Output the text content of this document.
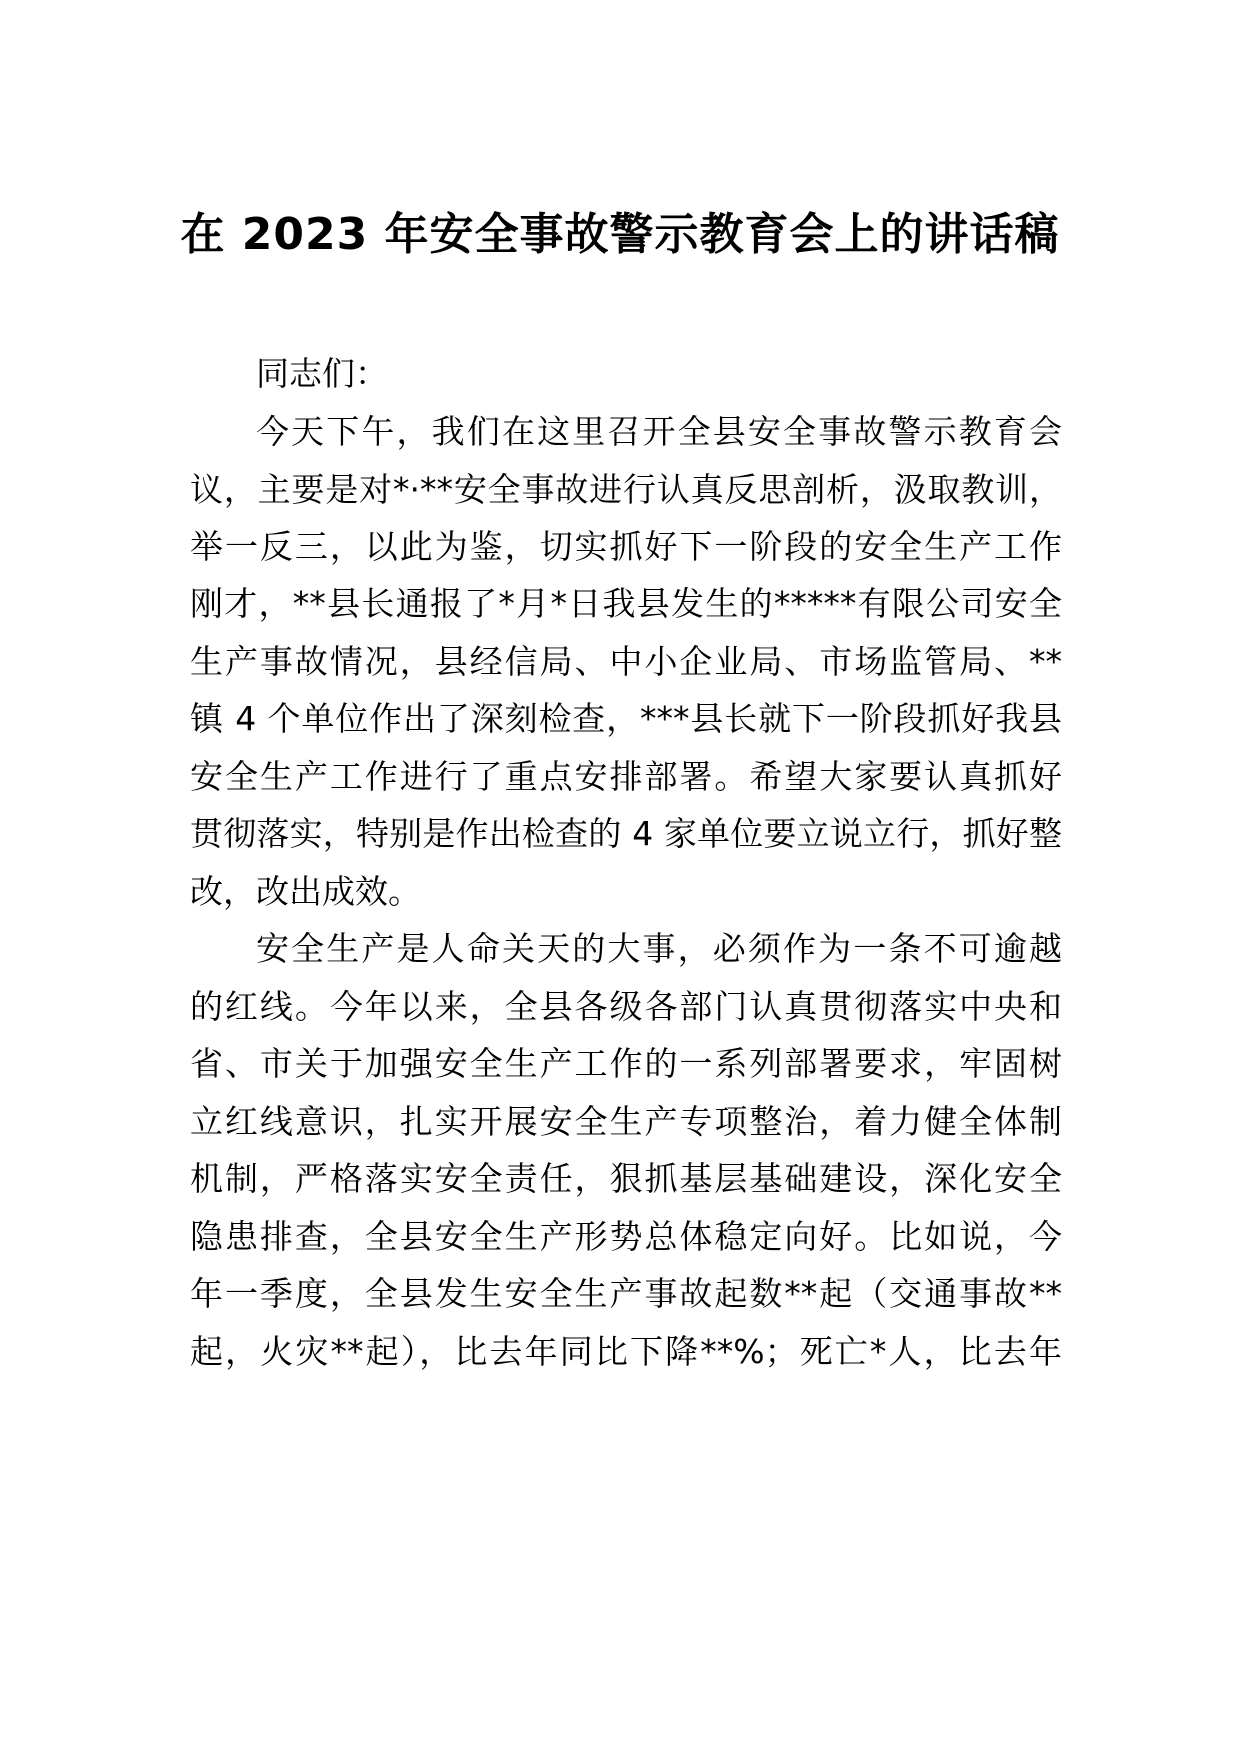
在 2023 年安全事故警示教育会上的讲话稿

同志们：

今天下午，我们在这里召开全县安全事故警示教育会

议，主要是对*·**安全事故进行认真反思剖析，汲取教训，

举一反三，以此为鉴，切实抓好下一阶段的安全生产工作

刚才，**县长通报了*月*日我县发生的*****有限公司安全

生产事故情况，县经信局、中小企业局、市场监管局、**

镇 4 个单位作出了深刻检查，***县长就下一阶段抓好我县

安全生产工作进行了重点安排部署。希望大家要认真抓好

贯彻落实，特别是作出检查的 4 家单位要立说立行，抓好整

改，改出成效。

安全生产是人命关天的大事，必须作为一条不可逾越

的红线。今年以来，全县各级各部门认真贯彻落实中央和

省、市关于加强安全生产工作的一系列部署要求，牢固树

立红线意识，扎实开展安全生产专项整治，着力健全体制

机制，严格落实安全责任，狠抓基层基础建设，深化安全

隐患排查，全县安全生产形势总体稳定向好。比如说，今

年一季度，全县发生安全生产事故起数**起（交通事故**

起，火灾**起），比去年同比下降**%；死亡*人，比去年
